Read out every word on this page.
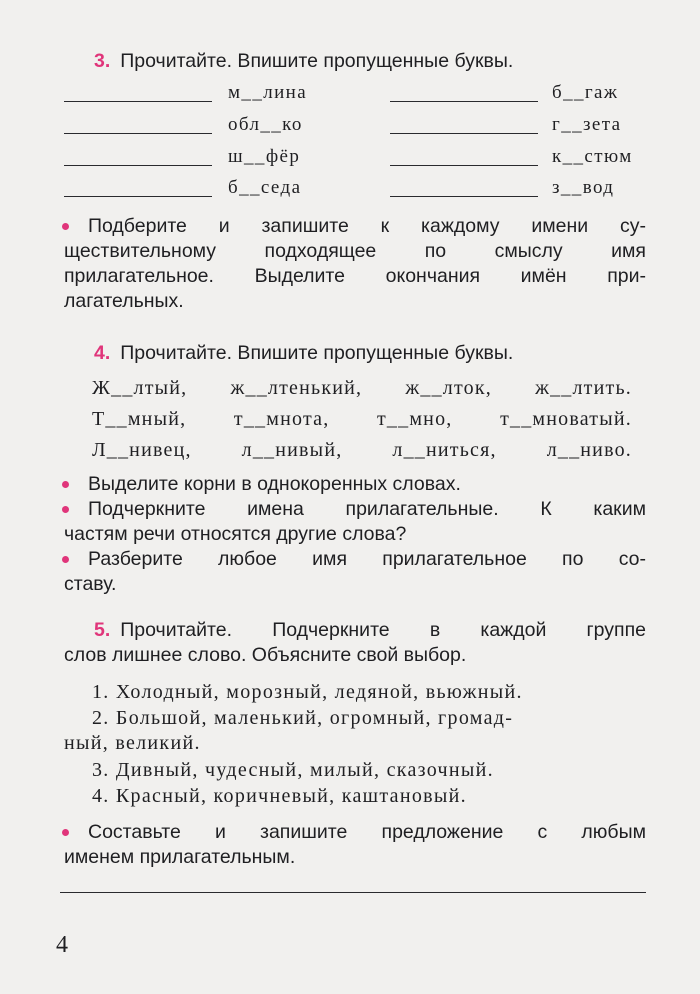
3. Прочитайте. Впишите пропущенные буквы.
м__лина	б__гаж
обл__ко	г__зета
ш__фёр	к__стюм
б__седа	з__вод
Подберите и запишите к каждому имени су-
ществительному подходящее по смыслу имя
прилагательное. Выделите окончания имён при-
лагательных.
4. Прочитайте. Впишите пропущенные буквы.
Ж__лтый, ж__лтенький, ж__лток, ж__лтить.
Т__мный, т__мнота, т__мно, т__мноватый.
Л__нивец, л__нивый, л__ниться, л__ниво.
Выделите корни в однокоренных словах.
Подчеркните имена прилагательные. К каким
частям речи относятся другие слова?
Разберите любое имя прилагательное по со-
ставу.
5. Прочитайте. Подчеркните в каждой группе
слов лишнее слово. Объясните свой выбор.
1. Холодный, морозный, ледяной, вьюжный.
2. Большой, маленький, огромный, громад-
ный, великий.
3. Дивный, чудесный, милый, сказочный.
4. Красный, коричневый, каштановый.
Составьте и запишите предложение с любым
именем прилагательным.
4
